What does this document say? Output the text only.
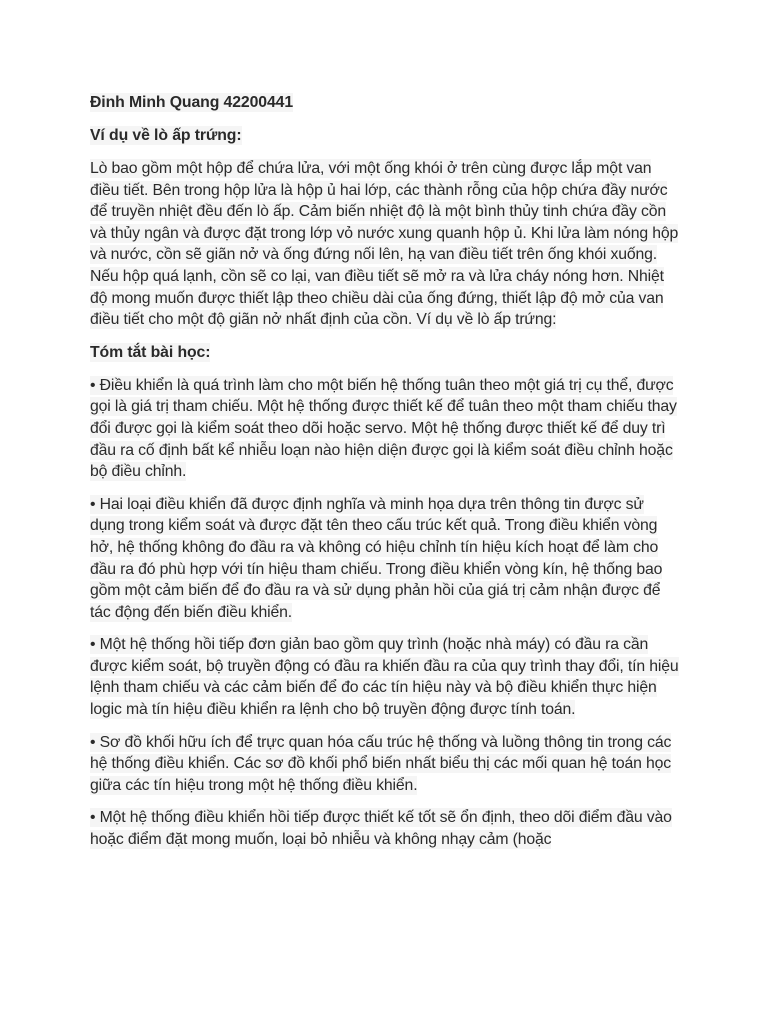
Đinh Minh Quang 42200441

Ví dụ về lò ấp trứng:

Lò bao gồm một hộp để chứa lửa, với một ống khói ở trên cùng được lắp một van điều tiết. Bên trong hộp lửa là hộp ủ hai lớp, các thành rỗng của hộp chứa đầy nước để truyền nhiệt đều đến lò ấp. Cảm biến nhiệt độ là một bình thủy tinh chứa đầy cồn và thủy ngân và được đặt trong lớp vỏ nước xung quanh hộp ủ. Khi lửa làm nóng hộp và nước, cồn sẽ giãn nở và ống đứng nối lên, hạ van điều tiết trên ống khói xuống. Nếu hộp quá lạnh, cồn sẽ co lại, van điều tiết sẽ mở ra và lửa cháy nóng hơn. Nhiệt độ mong muốn được thiết lập theo chiều dài của ống đứng, thiết lập độ mở của van điều tiết cho một độ giãn nở nhất định của cồn. Ví dụ về lò ấp trứng:

Tóm tắt bài học:

• Điều khiển là quá trình làm cho một biến hệ thống tuân theo một giá trị cụ thể, được gọi là giá trị tham chiếu. Một hệ thống được thiết kế để tuân theo một tham chiếu thay đổi được gọi là kiểm soát theo dõi hoặc servo. Một hệ thống được thiết kế để duy trì đầu ra cố định bất kể nhiễu loạn nào hiện diện được gọi là kiểm soát điều chỉnh hoặc bộ điều chỉnh.

• Hai loại điều khiển đã được định nghĩa và minh họa dựa trên thông tin được sử dụng trong kiểm soát và được đặt tên theo cấu trúc kết quả. Trong điều khiển vòng hở, hệ thống không đo đầu ra và không có hiệu chỉnh tín hiệu kích hoạt để làm cho đầu ra đó phù hợp với tín hiệu tham chiếu. Trong điều khiển vòng kín, hệ thống bao gồm một cảm biến để đo đầu ra và sử dụng phản hồi của giá trị cảm nhận được để tác động đến biến điều khiển.

• Một hệ thống hồi tiếp đơn giản bao gồm quy trình (hoặc nhà máy) có đầu ra cần được kiểm soát, bộ truyền động có đầu ra khiến đầu ra của quy trình thay đổi, tín hiệu lệnh tham chiếu và các cảm biến để đo các tín hiệu này và bộ điều khiển thực hiện logic mà tín hiệu điều khiển ra lệnh cho bộ truyền động được tính toán.

• Sơ đồ khối hữu ích để trực quan hóa cấu trúc hệ thống và luồng thông tin trong các hệ thống điều khiển. Các sơ đồ khối phổ biến nhất biểu thị các mối quan hệ toán học giữa các tín hiệu trong một hệ thống điều khiển.

• Một hệ thống điều khiển hồi tiếp được thiết kế tốt sẽ ổn định, theo dõi điểm đầu vào hoặc điểm đặt mong muốn, loại bỏ nhiễu và không nhạy cảm (hoặc
